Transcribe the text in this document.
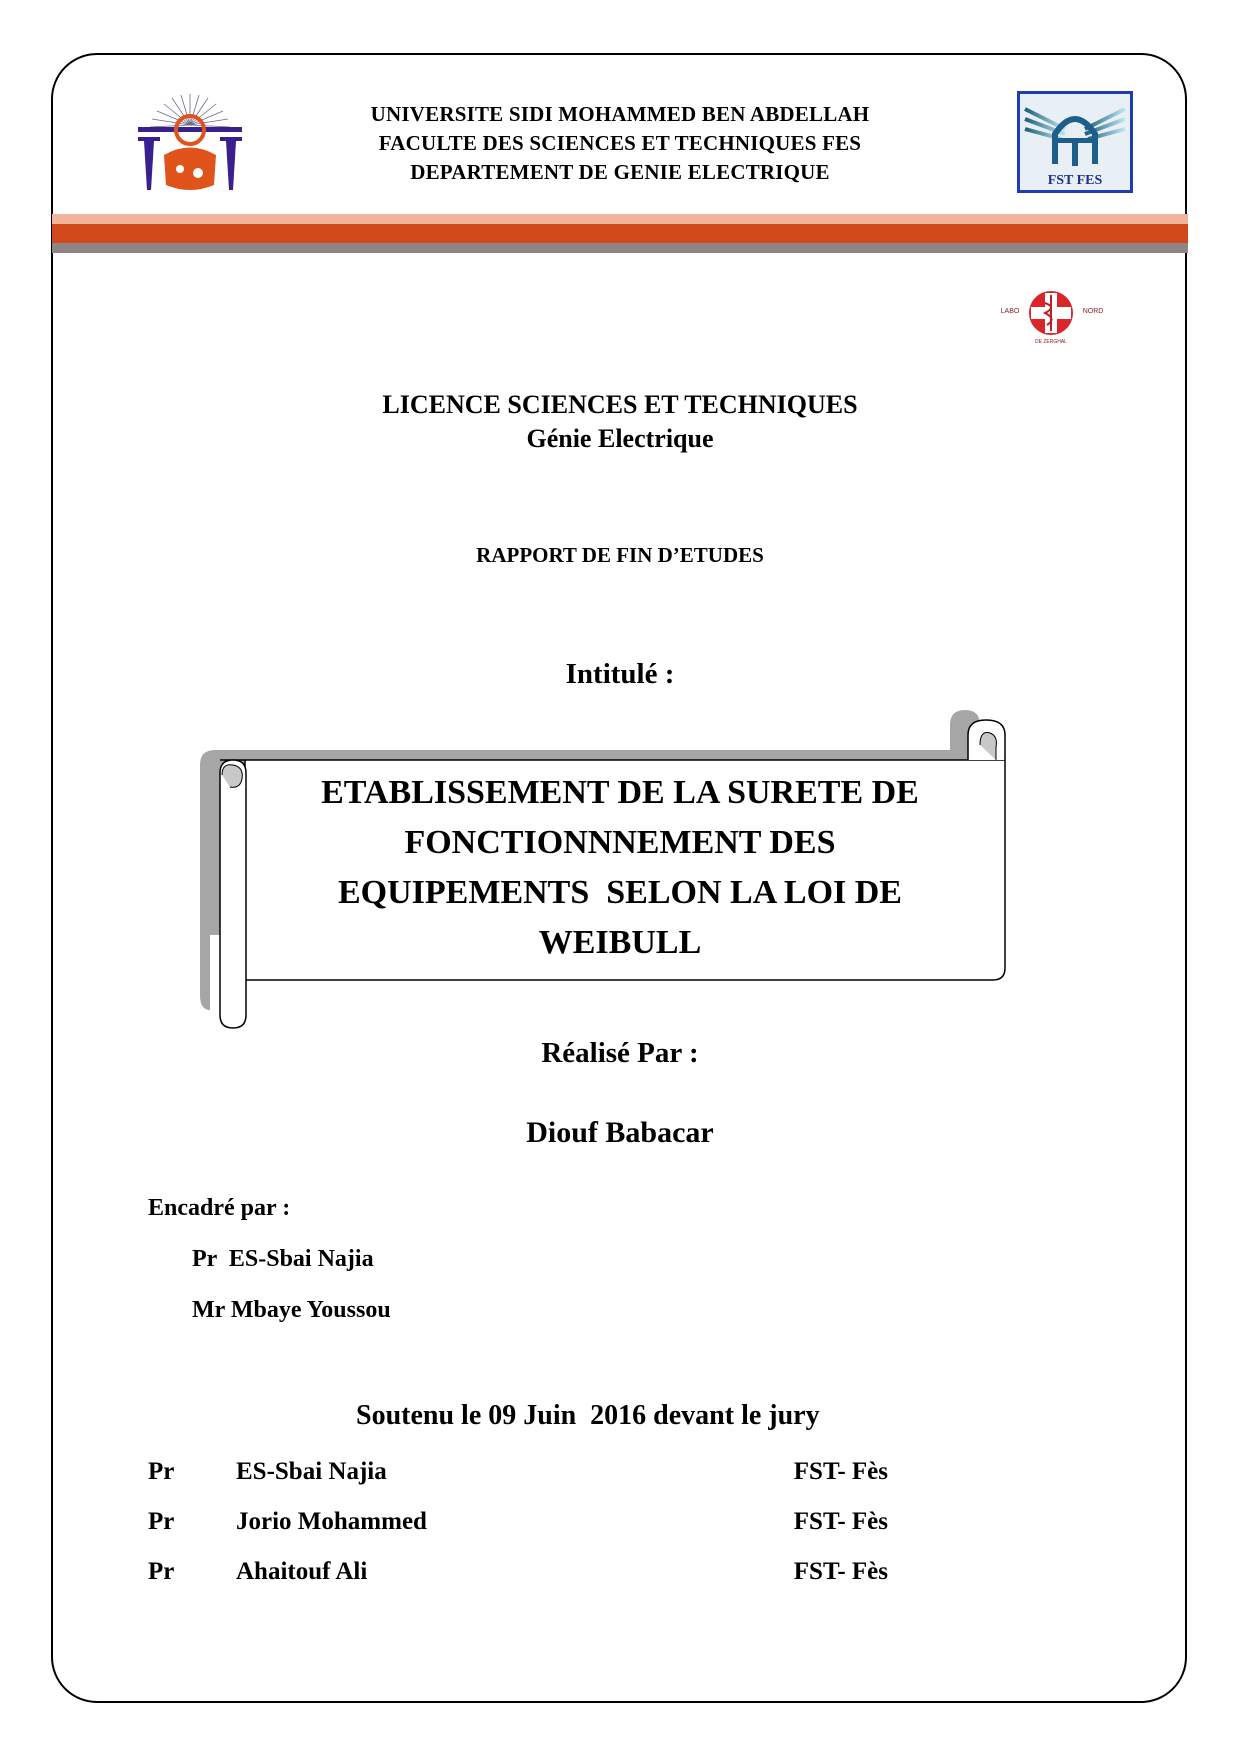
UNIVERSITE SIDI MOHAMMED BEN ABDELLAH
FACULTE DES SCIENCES ET TECHNIQUES FES
DEPARTEMENT DE GENIE ELECTRIQUE	FST FES
LABO	NORD
DE ZERGHAL
LICENCE SCIENCES ET TECHNIQUES
Génie Electrique
RAPPORT DE FIN D’ETUDES
Intitulé :
ETABLISSEMENT DE LA SURETE DE
FONCTIONNNEMENT DES
EQUIPEMENTS  SELON LA LOI DE
WEIBULL
Réalisé Par :
Diouf Babacar
Encadré par :
Pr  ES-Sbai Najia
Mr Mbaye Youssou
Soutenu le 09 Juin  2016 devant le jury
Pr ES-Sbai Najia	FST- Fès
Pr Jorio Mohammed	FST- Fès
Pr Ahaitouf Ali	FST- Fès
